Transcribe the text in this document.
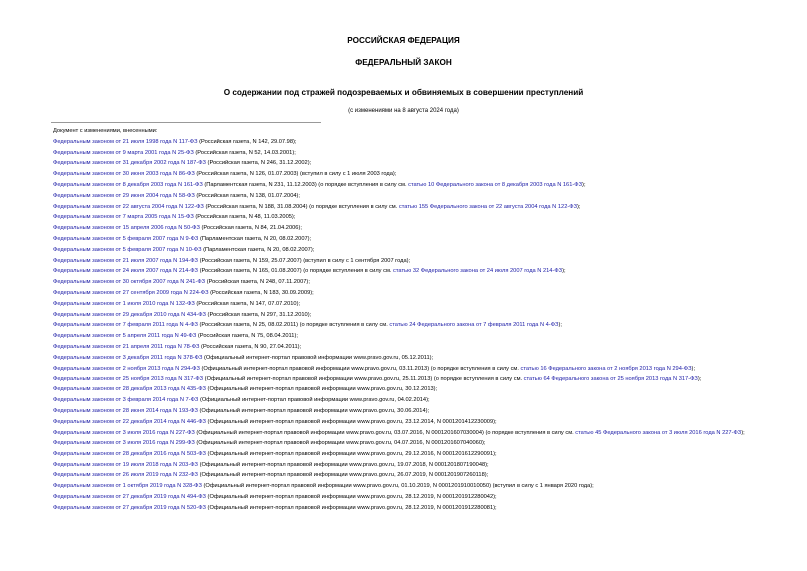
РОССИЙСКАЯ ФЕДЕРАЦИЯ
ФЕДЕРАЛЬНЫЙ ЗАКОН
О содержании под стражей подозреваемых и обвиняемых в совершении преступлений
(с изменениями на 8 августа 2024 года)
Документ с изменениями, внесенными:
Федеральным законом от 21 июля 1998 года N 117-ФЗ (Российская газета, N 142, 29.07.98);
Федеральным законом от 9 марта 2001 года N 25-ФЗ (Российская газета, N 52, 14.03.2001);
Федеральным законом от 31 декабря 2002 года N 187-ФЗ (Российская газета, N 246, 31.12.2002);
Федеральным законом от 30 июня 2003 года N 86-ФЗ (Российская газета, N 126, 01.07.2003) (вступил в силу с 1 июля 2003 года);
Федеральным законом от 8 декабря 2003 года N 161-ФЗ (Парламентская газета, N 231, 11.12.2003) (о порядке вступления в силу см. статью 10 Федерального закона от 8 декабря 2003 года N 161-ФЗ);
Федеральным законом от 29 июня 2004 года N 58-ФЗ (Российская газета, N 138, 01.07.2004);
Федеральным законом от 22 августа 2004 года N 122-ФЗ (Российская газета, N 188, 31.08.2004) (о порядке вступления в силу см. статью 155 Федерального закона от 22 августа 2004 года N 122-ФЗ);
Федеральным законом от 7 марта 2005 года N 15-ФЗ (Российская газета, N 48, 11.03.2005);
Федеральным законом от 15 апреля 2006 года N 50-ФЗ (Российская газета, N 84, 21.04.2006);
Федеральным законом от 5 февраля 2007 года N 9-ФЗ (Парламентская газета, N 20, 08.02.2007);
Федеральным законом от 5 февраля 2007 года N 10-ФЗ (Парламентская газета, N 20, 08.02.2007);
Федеральным законом от 21 июля 2007 года N 194-ФЗ (Российская газета, N 159, 25.07.2007) (вступил в силу с 1 сентября 2007 года);
Федеральным законом от 24 июля 2007 года N 214-ФЗ (Российская газета, N 165, 01.08.2007) (о порядке вступления в силу см. статью 32 Федерального закона от 24 июля 2007 года N 214-ФЗ);
Федеральным законом от 30 октября 2007 года N 241-ФЗ (Российская газета, N 248, 07.11.2007);
Федеральным законом от 27 сентября 2009 года N 224-ФЗ (Российская газета, N 183, 30.09.2009);
Федеральным законом от 1 июля 2010 года N 132-ФЗ (Российская газета, N 147, 07.07.2010);
Федеральным законом от 29 декабря 2010 года N 434-ФЗ (Российская газета, N 297, 31.12.2010);
Федеральным законом от 7 февраля 2011 года N 4-ФЗ (Российская газета, N 25, 08.02.2011) (о порядке вступления в силу см. статью 24 Федерального закона от 7 февраля 2011 года N 4-ФЗ);
Федеральным законом от 5 апреля 2011 года N 49-ФЗ (Российская газета, N 75, 08.04.2011);
Федеральным законом от 21 апреля 2011 года N 78-ФЗ (Российская газета, N 90, 27.04.2011);
Федеральным законом от 3 декабря 2011 года N 378-ФЗ (Официальный интернет-портал правовой информации www.pravo.gov.ru, 05.12.2011);
Федеральным законом от 2 ноября 2013 года N 294-ФЗ (Официальный интернет-портал правовой информации www.pravo.gov.ru, 03.11.2013) (о порядке вступления в силу см. статью 16 Федерального закона от 2 ноября 2013 года N 294-ФЗ);
Федеральным законом от 25 ноября 2013 года N 317-ФЗ (Официальный интернет-портал правовой информации www.pravo.gov.ru, 25.11.2013) (о порядке вступления в силу см. статью 64 Федерального закона от 25 ноября 2013 года N 317-ФЗ);
Федеральным законом от 28 декабря 2013 года N 435-ФЗ (Официальный интернет-портал правовой информации www.pravo.gov.ru, 30.12.2013);
Федеральным законом от 3 февраля 2014 года N 7-ФЗ (Официальный интернет-портал правовой информации www.pravo.gov.ru, 04.02.2014);
Федеральным законом от 28 июня 2014 года N 193-ФЗ (Официальный интернет-портал правовой информации www.pravo.gov.ru, 30.06.2014);
Федеральным законом от 22 декабря 2014 года N 446-ФЗ (Официальный интернет-портал правовой информации www.pravo.gov.ru, 23.12.2014, N 0001201412230009);
Федеральным законом от 3 июля 2016 года N 227-ФЗ (Официальный интернет-портал правовой информации www.pravo.gov.ru, 03.07.2016, N 0001201607030004) (о порядке вступления в силу см. статью 45 Федерального закона от 3 июля 2016 года N 227-ФЗ);
Федеральным законом от 3 июля 2016 года N 299-ФЗ (Официальный интернет-портал правовой информации www.pravo.gov.ru, 04.07.2016, N 0001201607040060);
Федеральным законом от 28 декабря 2016 года N 503-ФЗ (Официальный интернет-портал правовой информации www.pravo.gov.ru, 29.12.2016, N 0001201612290091);
Федеральным законом от 19 июля 2018 года N 203-ФЗ (Официальный интернет-портал правовой информации www.pravo.gov.ru, 19.07.2018, N 0001201807190048);
Федеральным законом от 26 июля 2019 года N 232-ФЗ (Официальный интернет-портал правовой информации www.pravo.gov.ru, 26.07.2019, N 0001201907260118);
Федеральным законом от 1 октября 2019 года N 328-ФЗ (Официальный интернет-портал правовой информации www.pravo.gov.ru, 01.10.2019, N 0001201910010050) (вступил в силу с 1 января 2020 года);
Федеральным законом от 27 декабря 2019 года N 494-ФЗ (Официальный интернет-портал правовой информации www.pravo.gov.ru, 28.12.2019, N 0001201912280042);
Федеральным законом от 27 декабря 2019 года N 520-ФЗ (Официальный интернет-портал правовой информации www.pravo.gov.ru, 28.12.2019, N 0001201912280081);
